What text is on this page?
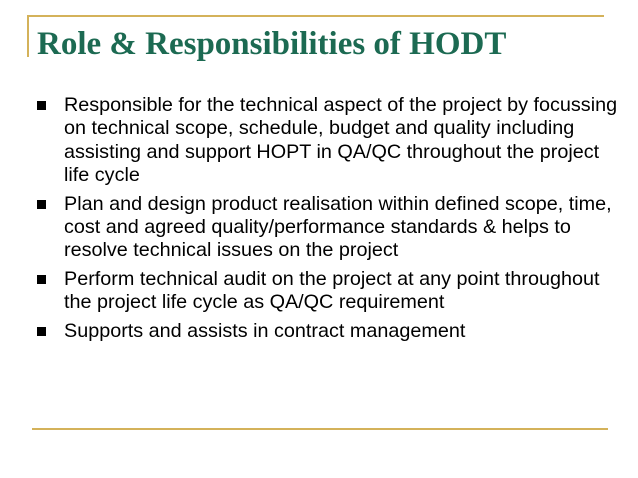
Role & Responsibilities of HODT
Responsible for the technical aspect of the project by focussing on technical scope, schedule, budget and quality including assisting and support HOPT in QA/QC throughout the project life cycle
Plan and design product realisation within defined scope, time, cost and agreed quality/performance standards & helps to resolve technical issues on the project
Perform technical audit on the project at any point throughout the project life cycle as QA/QC requirement
Supports and assists in contract management
